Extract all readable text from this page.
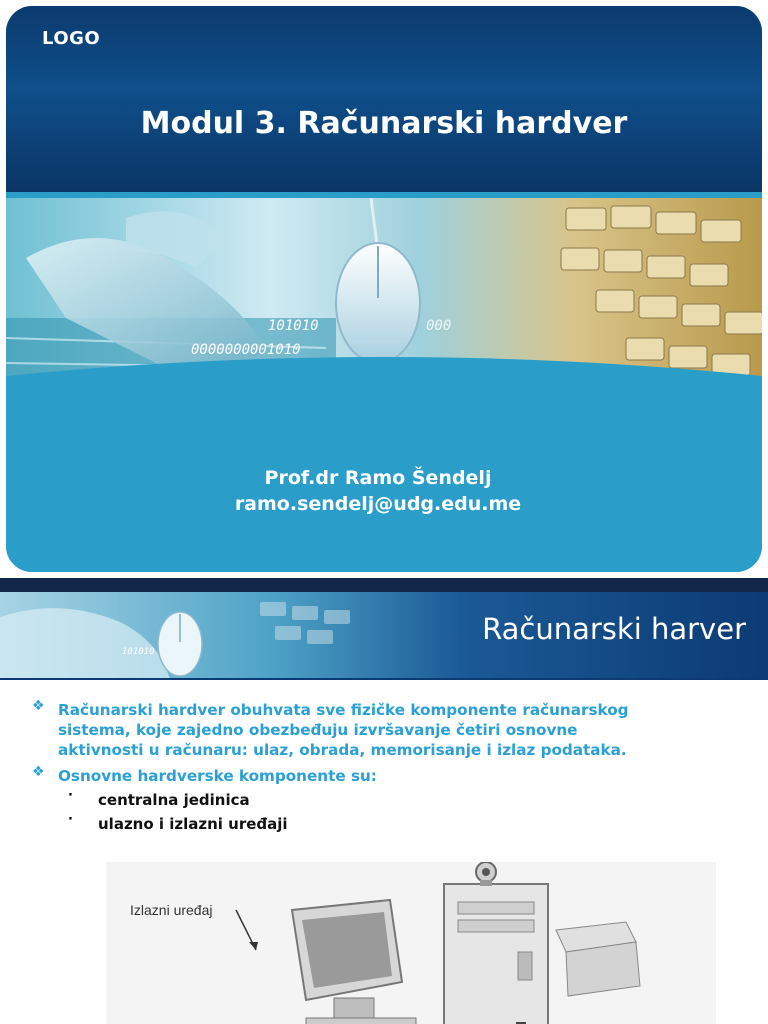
LOGO
Modul 3. Računarski hardver
101010
0000000001010
000
Prof.dr Ramo Šendelj
ramo.sendelj@udg.edu.me
101010
Računarski harver
❖ Računarski hardver obuhvata sve fizičke komponente računarskog
sistema, koje zajedno obezbeđuju izvršavanje četiri osnovne
aktivnosti u računaru: ulaz, obrada, memorisanje i izlaz podataka.
❖ Osnovne hardverske komponente su:
· centralna jedinica
· ulazno i izlazni uređaji
Izlazni uređaj
